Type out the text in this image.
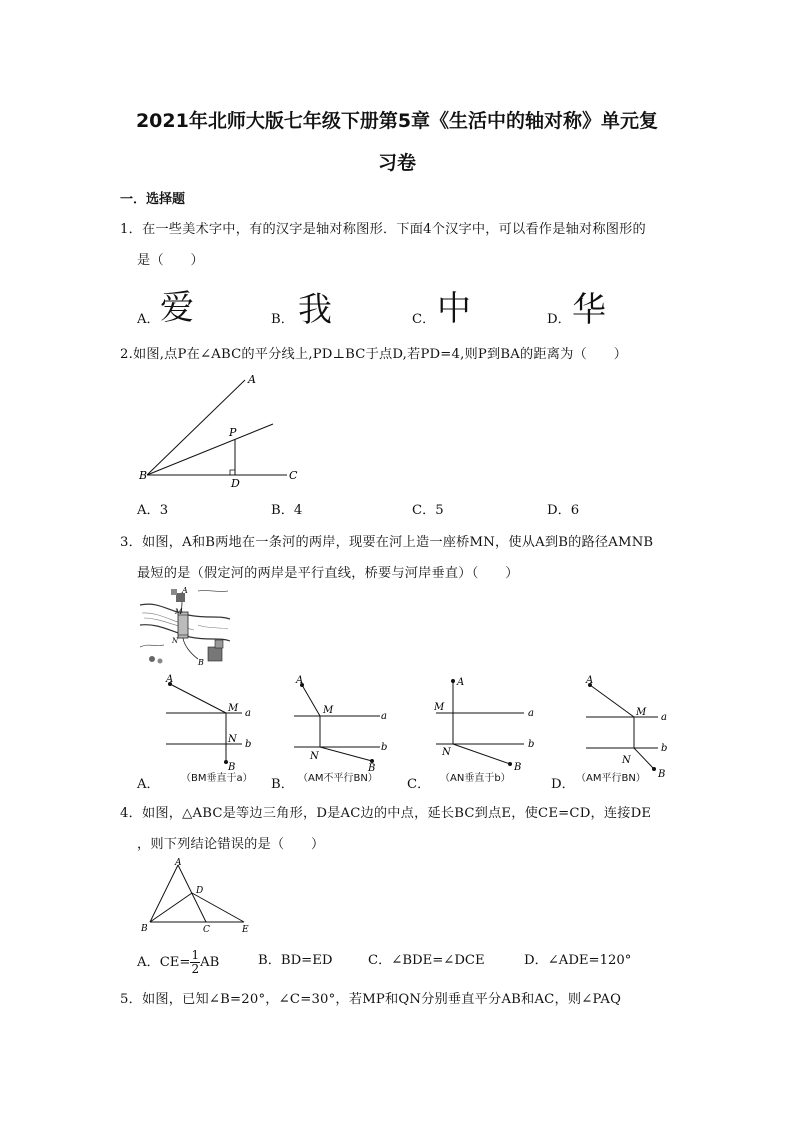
2021年北师大版七年级下册第5章《生活中的轴对称》单元复
习卷
一．选择题
1．在一些美术字中，有的汉字是轴对称图形．下面4个汉字中，可以看作是轴对称图形的
是（　　）
A． 爱	B． 我	C． 中	D． 华
2.如图,点P在∠ABC的平分线上,PD⊥BC于点D,若PD=4,则P到BA的距离为（　　）
A
P
B
D
C
A．3	B．4	C．5	D．6
3．如图，A和B两地在一条河的两岸，现要在河上造一座桥MN，使从A到B的路径AMNB
最短的是（假定河的两岸是平行直线，桥要与河岸垂直）（　　）
A
M
N
B
A
M
N
B
a
b
A
M
N
B
a
b
A
M
N
B
a
b
A
M
N
B
a
b
A． （BM垂直于a） B． （AM不平行BN） C． （AN垂直于b）	D． （AM平行BN）
4．如图，△ABC是等边三角形，D是AC边的中点，延长BC到点E，使CE=CD，连接DE
，则下列结论错误的是（　　）
A
B	C
D
E
A．$CE= \frac{1}{2}$ AB	B．BD=ED	C．∠BDE=∠DCE	D．∠ADE=120°
5．如图，已知∠B=20°，∠C=30°，若MP和QN分别垂直平分AB和AC，则∠PAQ
